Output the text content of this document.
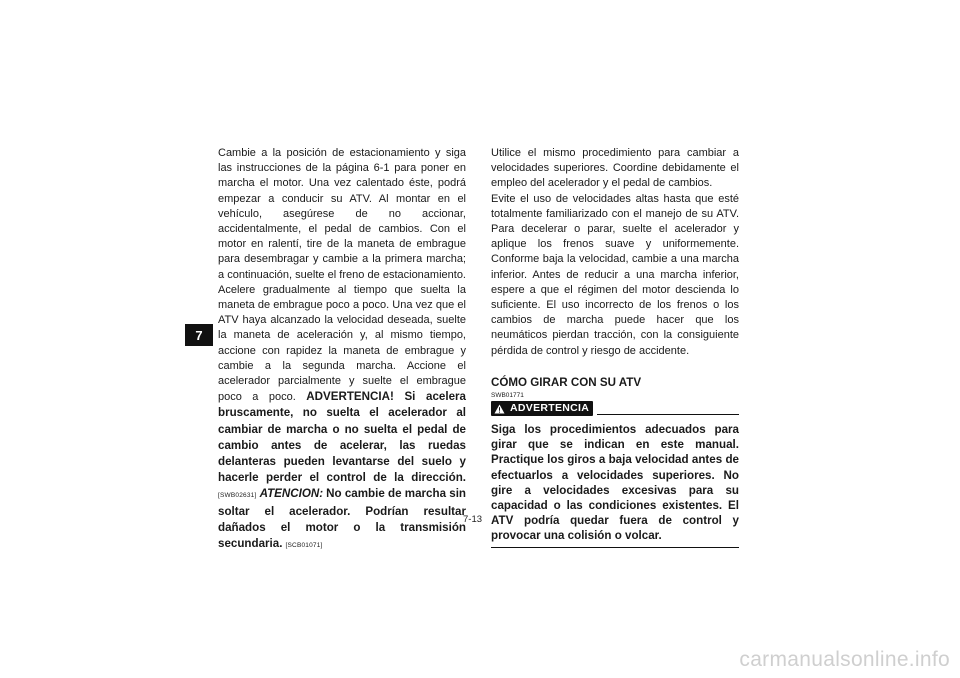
7

Cambie a la posición de estacionamiento y siga las instrucciones de la página 6-1 para poner en marcha el motor. Una vez calentado éste, podrá empezar a conducir su ATV. Al montar en el vehículo, asegúrese de no accionar, accidentalmente, el pedal de cambios. Con el motor en ralentí, tire de la maneta de embrague para desembragar y cambie a la primera marcha; a continuación, suelte el freno de estacionamiento. Acelere gradualmente al tiempo que suelta la maneta de embrague poco a poco. Una vez que el ATV haya alcanzado la velocidad deseada, suelte la maneta de aceleración y, al mismo tiempo, accione con rapidez la maneta de embrague y cambie a la segunda marcha. Accione el acelerador parcialmente y suelte el embrague poco a poco. ADVERTENCIA! Si acelera bruscamente, no suelta el acelerador al cambiar de marcha o no suelta el pedal de cambio antes de acelerar, las ruedas delanteras pueden levantarse del suelo y hacerle perder el control de la dirección. [SWB02631] ATENCION: No cambie de marcha sin soltar el acelerador. Podrían resultar dañados el motor o la transmisión secundaria. [SCB01071]

Utilice el mismo procedimiento para cambiar a velocidades superiores. Coordine debidamente el empleo del acelerador y el pedal de cambios.

Evite el uso de velocidades altas hasta que esté totalmente familiarizado con el manejo de su ATV. Para decelerar o parar, suelte el acelerador y aplique los frenos suave y uniformemente. Conforme baja la velocidad, cambie a una marcha inferior. Antes de reducir a una marcha inferior, espere a que el régimen del motor descienda lo suficiente. El uso incorrecto de los frenos o los cambios de marcha puede hacer que los neumáticos pierdan tracción, con la consiguiente pérdida de control y riesgo de accidente.

CÓMO GIRAR CON SU ATV

SWB01771

ADVERTENCIA

Siga los procedimientos adecuados para girar que se indican en este manual. Practique los giros a baja velocidad antes de efectuarlos a velocidades superiores. No gire a velocidades excesivas para su capacidad o las condiciones existentes. El ATV podría quedar fuera de control y provocar una colisión o volcar.

7-13
carmanualsonline.info
